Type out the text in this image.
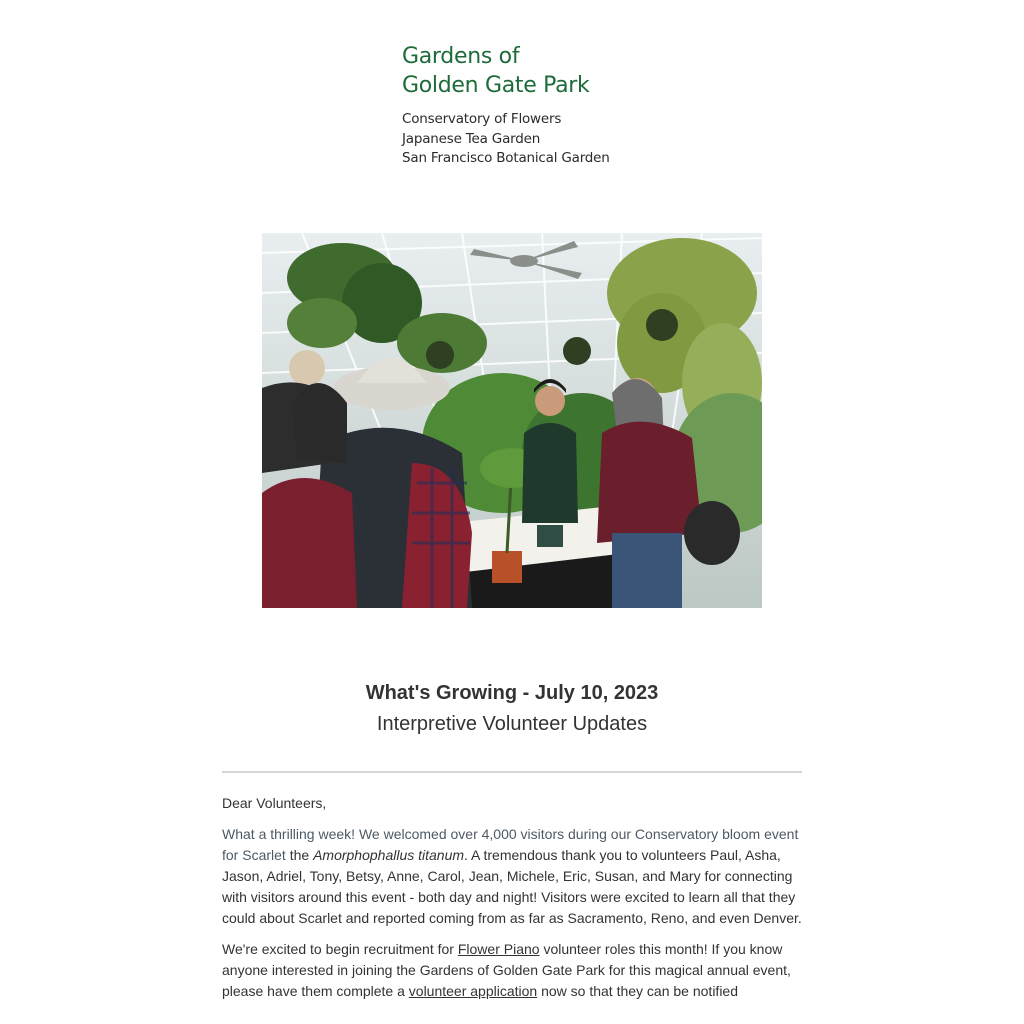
Gardens of
Golden Gate Park
Conservatory of Flowers
Japanese Tea Garden
San Francisco Botanical Garden
What's Growing - July 10, 2023
Interpretive Volunteer Updates

Dear Volunteers,

What a thrilling week! We welcomed over 4,000 visitors during our Conservatory bloom event for Scarlet the Amorphophallus titanum. A tremendous thank you to volunteers Paul, Asha, Jason, Adriel, Tony, Betsy, Anne, Carol, Jean, Michele, Eric, Susan, and Mary for connecting with visitors around this event - both day and night! Visitors were excited to learn all that they could about Scarlet and reported coming from as far as Sacramento, Reno, and even Denver.

We're excited to begin recruitment for Flower Piano volunteer roles this month! If you know anyone interested in joining the Gardens of Golden Gate Park for this magical annual event, please have them complete a volunteer application now so that they can be notified
